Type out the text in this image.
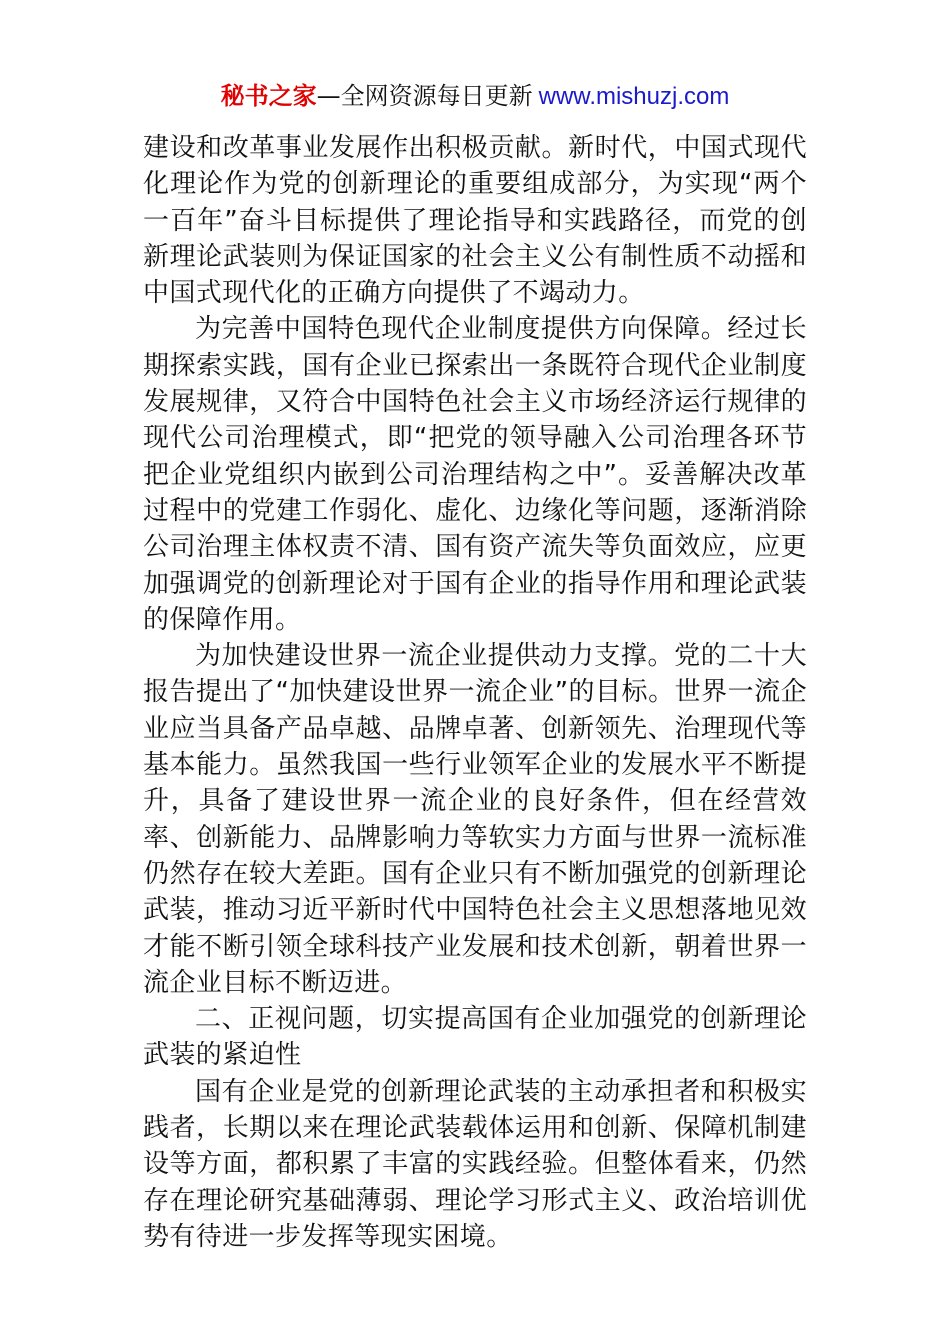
秘书之家—全网资源每日更新 www.mishuzj.com

建设和改革事业发展作出积极贡献。新时代，中国式现代化理论作为党的创新理论的重要组成部分，为实现“两个一百年”奋斗目标提供了理论指导和实践路径，而党的创新理论武装则为保证国家的社会主义公有制性质不动摇和中国式现代化的正确方向提供了不竭动力。

为完善中国特色现代企业制度提供方向保障。经过长期探索实践，国有企业已探索出一条既符合现代企业制度发展规律，又符合中国特色社会主义市场经济运行规律的现代公司治理模式，即“把党的领导融入公司治理各环节把企业党组织内嵌到公司治理结构之中”。妥善解决改革过程中的党建工作弱化、虚化、边缘化等问题，逐渐消除公司治理主体权责不清、国有资产流失等负面效应，应更加强调党的创新理论对于国有企业的指导作用和理论武装的保障作用。

为加快建设世界一流企业提供动力支撑。党的二十大报告提出了“加快建设世界一流企业”的目标。世界一流企业应当具备产品卓越、品牌卓著、创新领先、治理现代等基本能力。虽然我国一些行业领军企业的发展水平不断提升，具备了建设世界一流企业的良好条件，但在经营效率、创新能力、品牌影响力等软实力方面与世界一流标准仍然存在较大差距。国有企业只有不断加强党的创新理论武装，推动习近平新时代中国特色社会主义思想落地见效才能不断引领全球科技产业发展和技术创新，朝着世界一流企业目标不断迈进。

二、正视问题，切实提高国有企业加强党的创新理论武装的紧迫性

国有企业是党的创新理论武装的主动承担者和积极实践者，长期以来在理论武装载体运用和创新、保障机制建设等方面，都积累了丰富的实践经验。但整体看来，仍然存在理论研究基础薄弱、理论学习形式主义、政治培训优势有待进一步发挥等现实困境。
